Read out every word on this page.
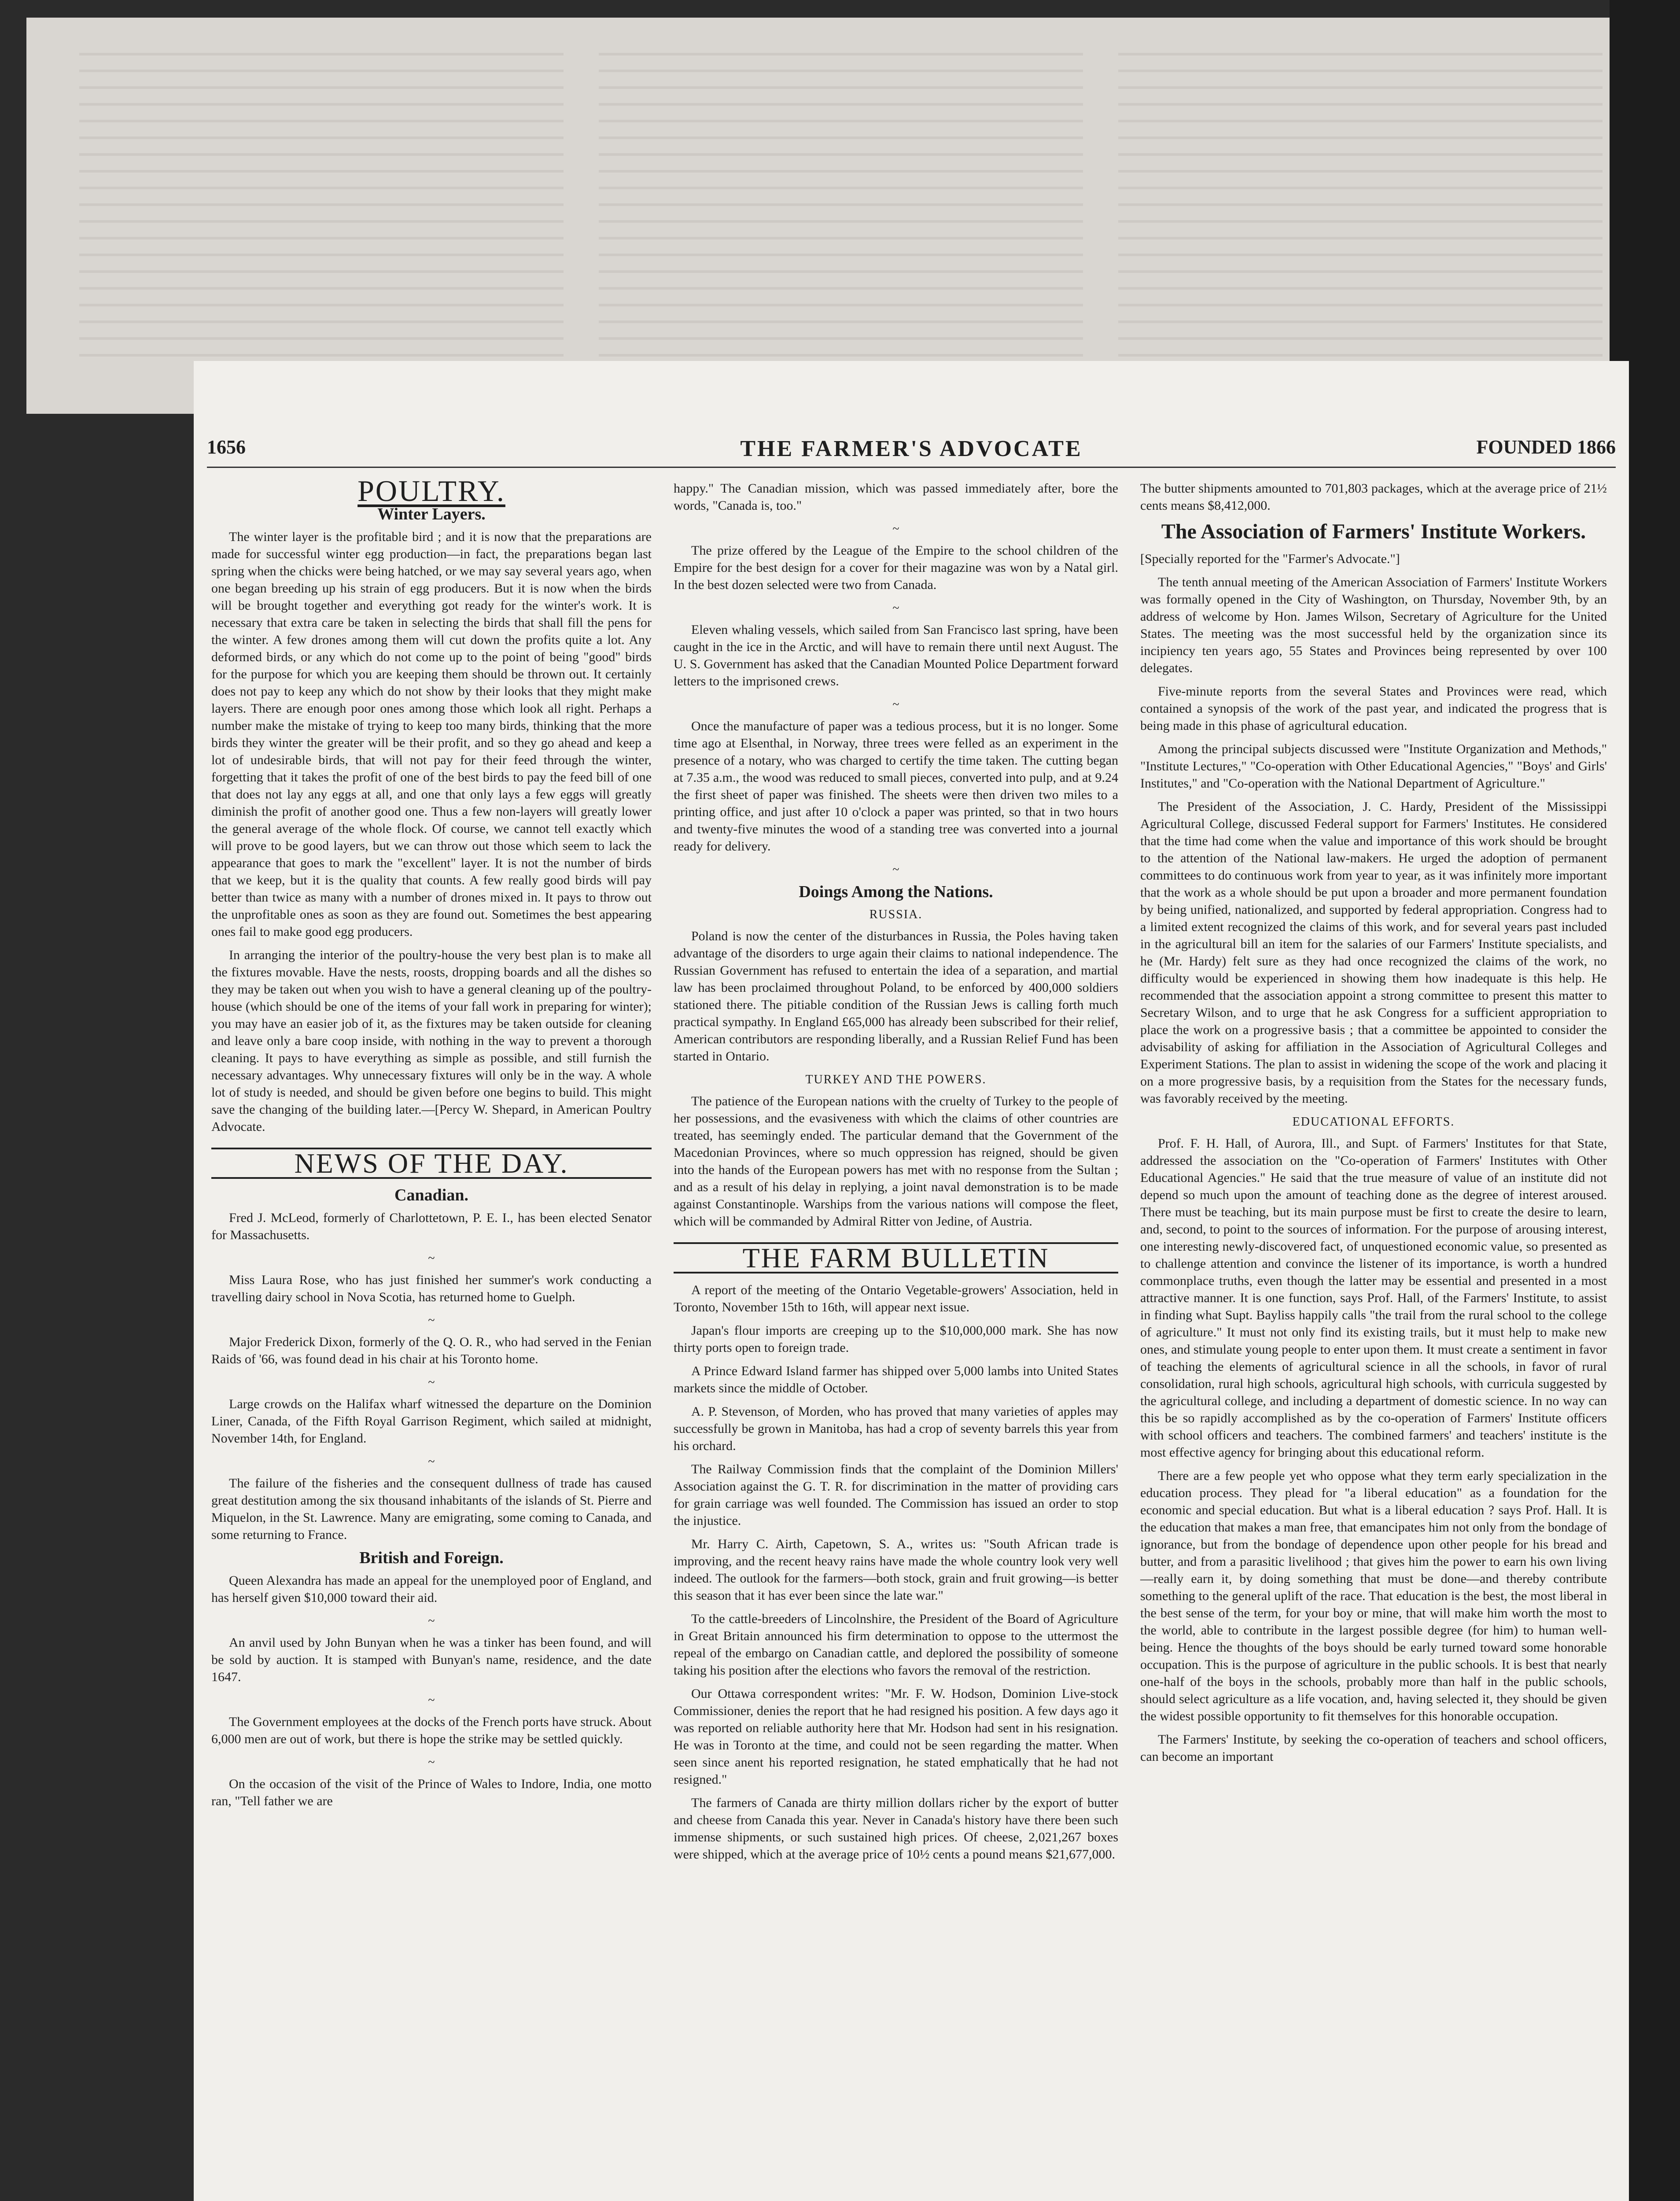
1656	THE FARMER'S ADVOCATE	FOUNDED 1866
POULTRY.
Winter Layers.

The winter layer is the profitable bird ; and it is now that the preparations are made for successful winter egg production—in fact, the preparations began last spring when the chicks were being hatched, or we may say several years ago, when one began breeding up his strain of egg producers. But it is now when the birds will be brought together and everything got ready for the winter's work. It is necessary that extra care be taken in selecting the birds that shall fill the pens for the winter. A few drones among them will cut down the profits quite a lot. Any deformed birds, or any which do not come up to the point of being "good" birds for the purpose for which you are keeping them should be thrown out. It certainly does not pay to keep any which do not show by their looks that they might make layers. There are enough poor ones among those which look all right. Perhaps a number make the mistake of trying to keep too many birds, thinking that the more birds they winter the greater will be their profit, and so they go ahead and keep a lot of undesirable birds, that will not pay for their feed through the winter, forgetting that it takes the profit of one of the best birds to pay the feed bill of one that does not lay any eggs at all, and one that only lays a few eggs will greatly diminish the profit of another good one. Thus a few non-layers will greatly lower the general average of the whole flock. Of course, we cannot tell exactly which will prove to be good layers, but we can throw out those which seem to lack the appearance that goes to mark the "excellent" layer. It is not the number of birds that we keep, but it is the quality that counts. A few really good birds will pay better than twice as many with a number of drones mixed in. It pays to throw out the unprofitable ones as soon as they are found out. Sometimes the best appearing ones fail to make good egg producers.

In arranging the interior of the poultry-house the very best plan is to make all the fixtures movable. Have the nests, roosts, dropping boards and all the dishes so they may be taken out when you wish to have a general cleaning up of the poultry-house (which should be one of the items of your fall work in preparing for winter); you may have an easier job of it, as the fixtures may be taken outside for cleaning and leave only a bare coop inside, with nothing in the way to prevent a thorough cleaning. It pays to have everything as simple as possible, and still furnish the necessary advantages. Why unnecessary fixtures will only be in the way. A whole lot of study is needed, and should be given before one begins to build. This might save the changing of the building later.—[Percy W. Shepard, in American Poultry Advocate.

NEWS OF THE DAY.
Canadian.

Fred J. McLeod, formerly of Charlottetown, P. E. I., has been elected Senator for Massachusetts.

~

Miss Laura Rose, who has just finished her summer's work conducting a travelling dairy school in Nova Scotia, has returned home to Guelph.

~

Major Frederick Dixon, formerly of the Q. O. R., who had served in the Fenian Raids of '66, was found dead in his chair at his Toronto home.

~

Large crowds on the Halifax wharf witnessed the departure on the Dominion Liner, Canada, of the Fifth Royal Garrison Regiment, which sailed at midnight, November 14th, for England.

~

The failure of the fisheries and the consequent dullness of trade has caused great destitution among the six thousand inhabitants of the islands of St. Pierre and Miquelon, in the St. Lawrence. Many are emigrating, some coming to Canada, and some returning to France.

British and Foreign.

Queen Alexandra has made an appeal for the unemployed poor of England, and has herself given $10,000 toward their aid.

~

An anvil used by John Bunyan when he was a tinker has been found, and will be sold by auction. It is stamped with Bunyan's name, residence, and the date 1647.

~

The Government employees at the docks of the French ports have struck. About 6,000 men are out of work, but there is hope the strike may be settled quickly.

~

On the occasion of the visit of the Prince of Wales to Indore, India, one motto ran, "Tell father we are

happy." The Canadian mission, which was passed immediately after, bore the words, "Canada is, too."

~

The prize offered by the League of the Empire to the school children of the Empire for the best design for a cover for their magazine was won by a Natal girl. In the best dozen selected were two from Canada.

~

Eleven whaling vessels, which sailed from San Francisco last spring, have been caught in the ice in the Arctic, and will have to remain there until next August. The U. S. Government has asked that the Canadian Mounted Police Department forward letters to the imprisoned crews.

~

Once the manufacture of paper was a tedious process, but it is no longer. Some time ago at Elsenthal, in Norway, three trees were felled as an experiment in the presence of a notary, who was charged to certify the time taken. The cutting began at 7.35 a.m., the wood was reduced to small pieces, converted into pulp, and at 9.24 the first sheet of paper was finished. The sheets were then driven two miles to a printing office, and just after 10 o'clock a paper was printed, so that in two hours and twenty-five minutes the wood of a standing tree was converted into a journal ready for delivery.

~
Doings Among the Nations.
RUSSIA.

Poland is now the center of the disturbances in Russia, the Poles having taken advantage of the disorders to urge again their claims to national independence. The Russian Government has refused to entertain the idea of a separation, and martial law has been proclaimed throughout Poland, to be enforced by 400,000 soldiers stationed there. The pitiable condition of the Russian Jews is calling forth much practical sympathy. In England £65,000 has already been subscribed for their relief, American contributors are responding liberally, and a Russian Relief Fund has been started in Ontario.

TURKEY AND THE POWERS.

The patience of the European nations with the cruelty of Turkey to the people of her possessions, and the evasiveness with which the claims of other countries are treated, has seemingly ended. The particular demand that the Government of the Macedonian Provinces, where so much oppression has reigned, should be given into the hands of the European powers has met with no response from the Sultan ; and as a result of his delay in replying, a joint naval demonstration is to be made against Constantinople. Warships from the various nations will compose the fleet, which will be commanded by Admiral Ritter von Jedine, of Austria.

THE FARM BULLETIN

A report of the meeting of the Ontario Vegetable-growers' Association, held in Toronto, November 15th to 16th, will appear next issue.

Japan's flour imports are creeping up to the $10,000,000 mark. She has now thirty ports open to foreign trade.

A Prince Edward Island farmer has shipped over 5,000 lambs into United States markets since the middle of October.

A. P. Stevenson, of Morden, who has proved that many varieties of apples may successfully be grown in Manitoba, has had a crop of seventy barrels this year from his orchard.

The Railway Commission finds that the complaint of the Dominion Millers' Association against the G. T. R. for discrimination in the matter of providing cars for grain carriage was well founded. The Commission has issued an order to stop the injustice.

Mr. Harry C. Airth, Capetown, S. A., writes us: "South African trade is improving, and the recent heavy rains have made the whole country look very well indeed. The outlook for the farmers—both stock, grain and fruit growing—is better this season that it has ever been since the late war."

To the cattle-breeders of Lincolnshire, the President of the Board of Agriculture in Great Britain announced his firm determination to oppose to the uttermost the repeal of the embargo on Canadian cattle, and deplored the possibility of someone taking his position after the elections who favors the removal of the restriction.

Our Ottawa correspondent writes: "Mr. F. W. Hodson, Dominion Live-stock Commissioner, denies the report that he had resigned his position. A few days ago it was reported on reliable authority here that Mr. Hodson had sent in his resignation. He was in Toronto at the time, and could not be seen regarding the matter. When seen since anent his reported resignation, he stated emphatically that he had not resigned."

The farmers of Canada are thirty million dollars richer by the export of butter and cheese from Canada this year. Never in Canada's history have there been such immense shipments, or such sustained high prices. Of cheese, 2,021,267 boxes were shipped, which at the average price of 10½ cents a pound means $21,677,000.

The butter shipments amounted to 701,803 packages, which at the average price of 21½ cents means $8,412,000.

The Association of Farmers' Institute Workers.

[Specially reported for the "Farmer's Advocate."]

The tenth annual meeting of the American Association of Farmers' Institute Workers was formally opened in the City of Washington, on Thursday, November 9th, by an address of welcome by Hon. James Wilson, Secretary of Agriculture for the United States. The meeting was the most successful held by the organization since its incipiency ten years ago, 55 States and Provinces being represented by over 100 delegates.

Five-minute reports from the several States and Provinces were read, which contained a synopsis of the work of the past year, and indicated the progress that is being made in this phase of agricultural education.

Among the principal subjects discussed were "Institute Organization and Methods," "Institute Lectures," "Co-operation with Other Educational Agencies," "Boys' and Girls' Institutes," and "Co-operation with the National Department of Agriculture."

The President of the Association, J. C. Hardy, President of the Mississippi Agricultural College, discussed Federal support for Farmers' Institutes. He considered that the time had come when the value and importance of this work should be brought to the attention of the National law-makers. He urged the adoption of permanent committees to do continuous work from year to year, as it was infinitely more important that the work as a whole should be put upon a broader and more permanent foundation by being unified, nationalized, and supported by federal appropriation. Congress had to a limited extent recognized the claims of this work, and for several years past included in the agricultural bill an item for the salaries of our Farmers' Institute specialists, and he (Mr. Hardy) felt sure as they had once recognized the claims of the work, no difficulty would be experienced in showing them how inadequate is this help. He recommended that the association appoint a strong committee to present this matter to Secretary Wilson, and to urge that he ask Congress for a sufficient appropriation to place the work on a progressive basis ; that a committee be appointed to consider the advisability of asking for affiliation in the Association of Agricultural Colleges and Experiment Stations. The plan to assist in widening the scope of the work and placing it on a more progressive basis, by a requisition from the States for the necessary funds, was favorably received by the meeting.

EDUCATIONAL EFFORTS.

Prof. F. H. Hall, of Aurora, Ill., and Supt. of Farmers' Institutes for that State, addressed the association on the "Co-operation of Farmers' Institutes with Other Educational Agencies." He said that the true measure of value of an institute did not depend so much upon the amount of teaching done as the degree of interest aroused. There must be teaching, but its main purpose must be first to create the desire to learn, and, second, to point to the sources of information. For the purpose of arousing interest, one interesting newly-discovered fact, of unquestioned economic value, so presented as to challenge attention and convince the listener of its importance, is worth a hundred commonplace truths, even though the latter may be essential and presented in a most attractive manner. It is one function, says Prof. Hall, of the Farmers' Institute, to assist in finding what Supt. Bayliss happily calls "the trail from the rural school to the college of agriculture." It must not only find its existing trails, but it must help to make new ones, and stimulate young people to enter upon them. It must create a sentiment in favor of teaching the elements of agricultural science in all the schools, in favor of rural consolidation, rural high schools, agricultural high schools, with curricula suggested by the agricultural college, and including a department of domestic science. In no way can this be so rapidly accomplished as by the co-operation of Farmers' Institute officers with school officers and teachers. The combined farmers' and teachers' institute is the most effective agency for bringing about this educational reform.

There are a few people yet who oppose what they term early specialization in the education process. They plead for "a liberal education" as a foundation for the economic and special education. But what is a liberal education ? says Prof. Hall. It is the education that makes a man free, that emancipates him not only from the bondage of ignorance, but from the bondage of dependence upon other people for his bread and butter, and from a parasitic livelihood ; that gives him the power to earn his own living—really earn it, by doing something that must be done—and thereby contribute something to the general uplift of the race. That education is the best, the most liberal in the best sense of the term, for your boy or mine, that will make him worth the most to the world, able to contribute in the largest possible degree (for him) to human well-being. Hence the thoughts of the boys should be early turned toward some honorable occupation. This is the purpose of agriculture in the public schools. It is best that nearly one-half of the boys in the schools, probably more than half in the public schools, should select agriculture as a life vocation, and, having selected it, they should be given the widest possible opportunity to fit themselves for this honorable occupation.

The Farmers' Institute, by seeking the co-operation of teachers and school officers, can become an important
